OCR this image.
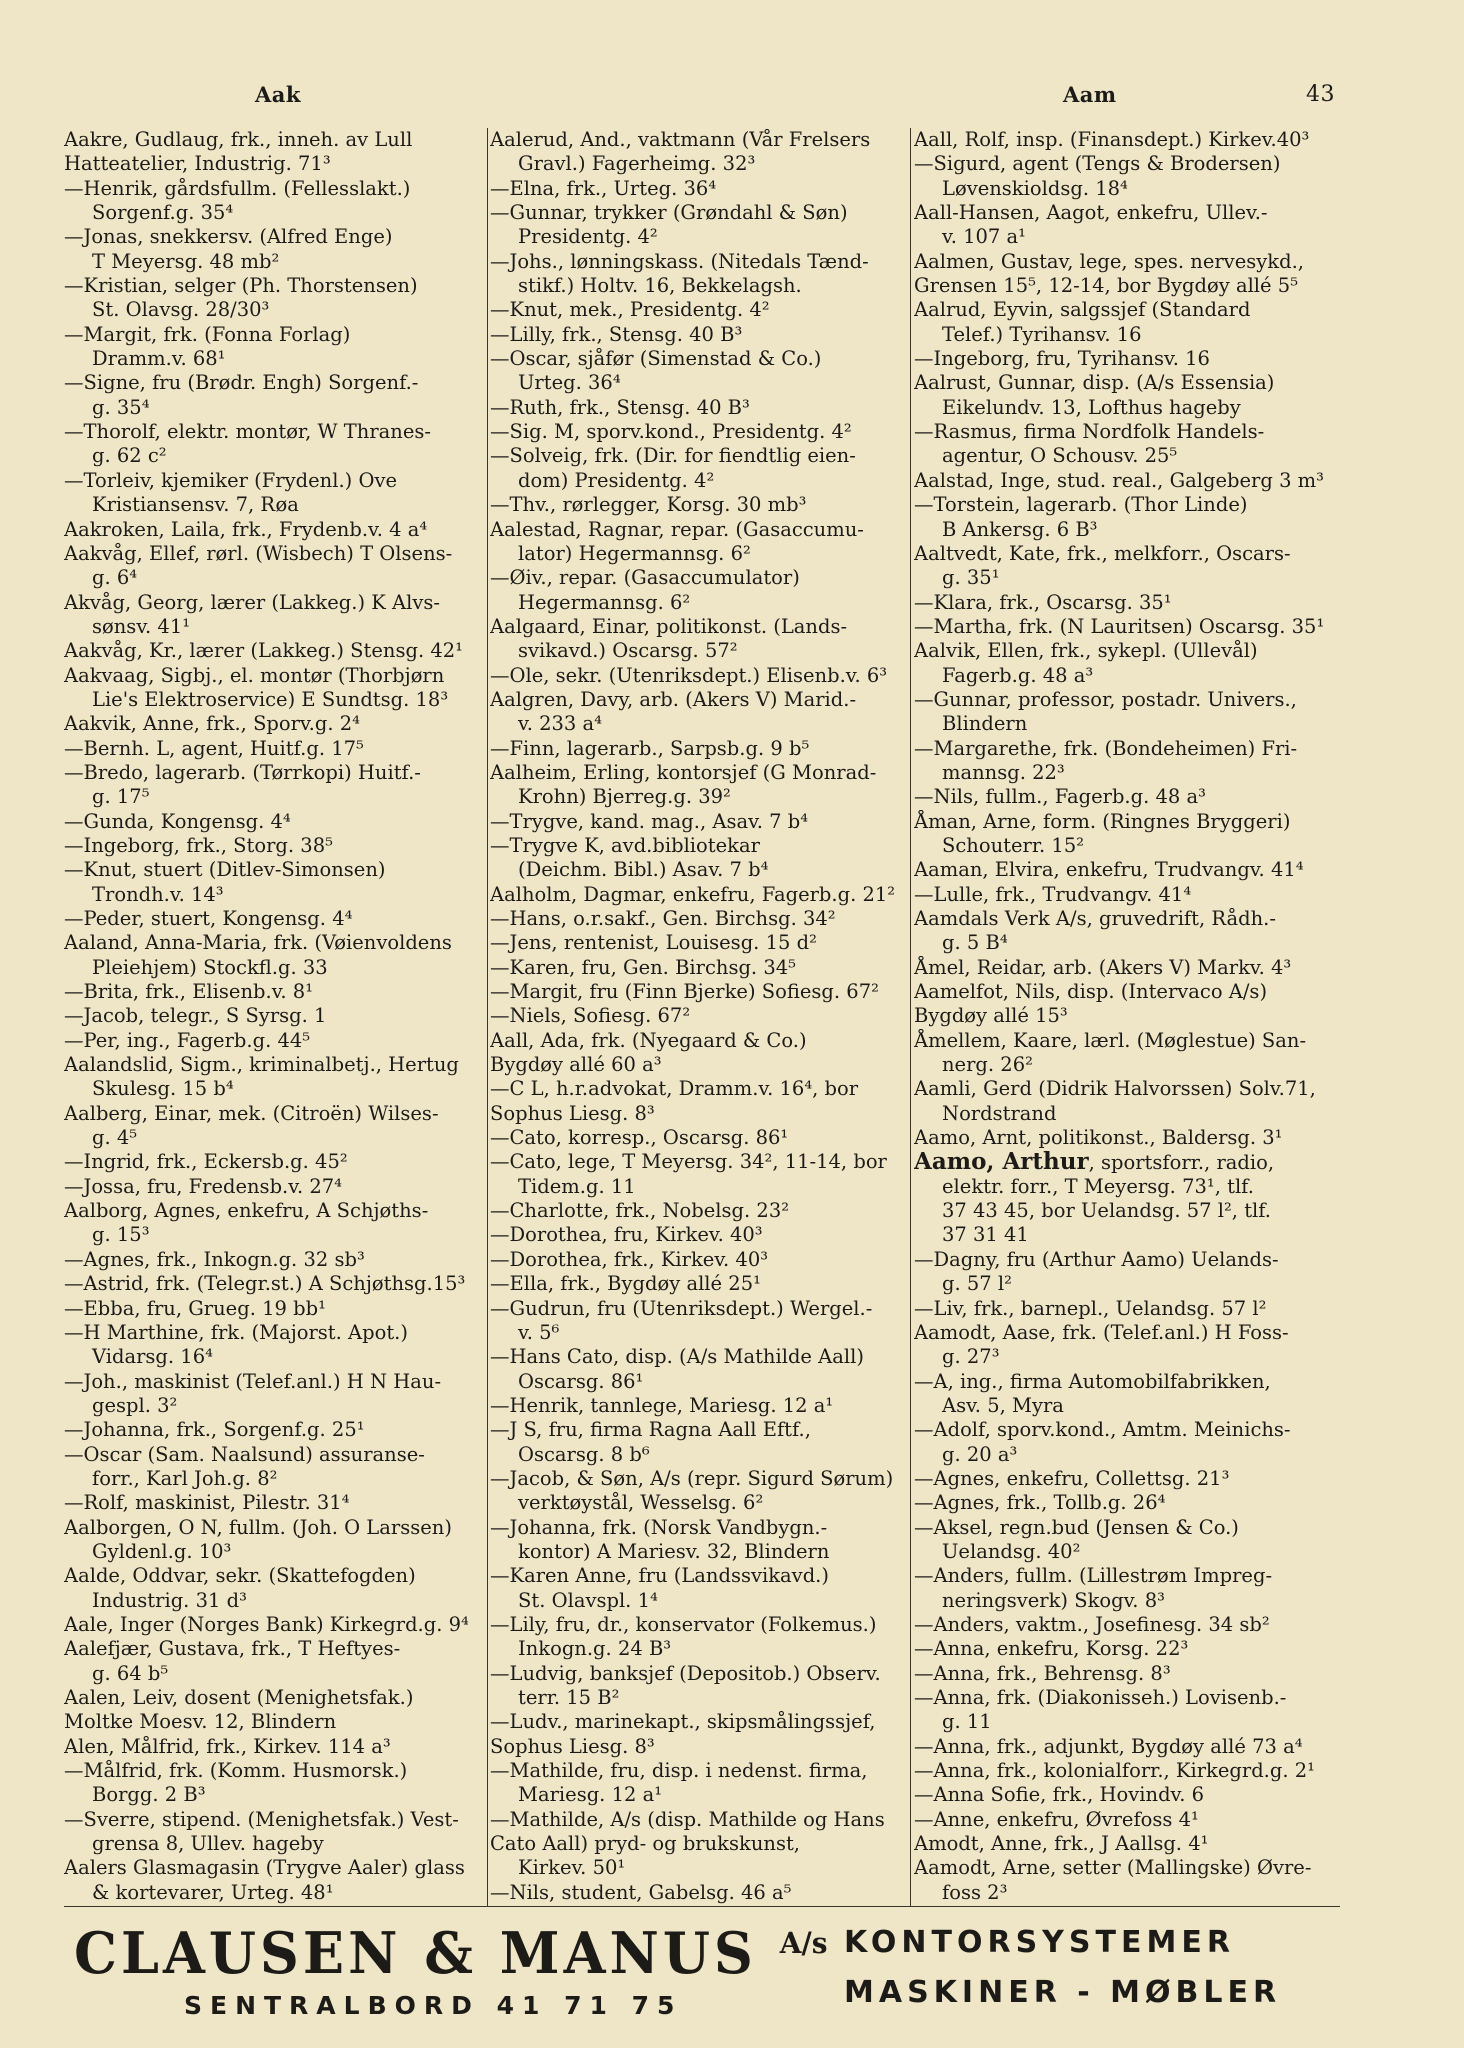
Aak	Aam	43
Aakre, Gudlaug, frk., inneh. av Lull
Hatteatelier, Industrig. 71³
—Henrik, gårdsfullm. (Fellesslakt.)
Sorgenf.g. 35⁴
—Jonas, snekkersv. (Alfred Enge)
T Meyersg. 48 mb²
—Kristian, selger (Ph. Thorstensen)
St. Olavsg. 28/30³
—Margit, frk. (Fonna Forlag)
Dramm.v. 68¹
—Signe, fru (Brødr. Engh) Sorgenf.-
g. 35⁴
—Thorolf, elektr. montør, W Thranes-
g. 62 c²
—Torleiv, kjemiker (Frydenl.) Ove
Kristiansensv. 7, Røa
Aakroken, Laila, frk., Frydenb.v. 4 a⁴
Aakvåg, Ellef, rørl. (Wisbech) T Olsens-
g. 6⁴
Akvåg, Georg, lærer (Lakkeg.) K Alvs-
sønsv. 41¹
Aakvåg, Kr., lærer (Lakkeg.) Stensg. 42¹
Aakvaag, Sigbj., el. montør (Thorbjørn
Lie's Elektroservice) E Sundtsg. 18³
Aakvik, Anne, frk., Sporv.g. 2⁴
—Bernh. L, agent, Huitf.g. 17⁵
—Bredo, lagerarb. (Tørrkopi) Huitf.-
g. 17⁵
—Gunda, Kongensg. 4⁴
—Ingeborg, frk., Storg. 38⁵
—Knut, stuert (Ditlev-Simonsen)
Trondh.v. 14³
—Peder, stuert, Kongensg. 4⁴
Aaland, Anna-Maria, frk. (Vøienvoldens
Pleiehjem) Stockfl.g. 33
—Brita, frk., Elisenb.v. 8¹
—Jacob, telegr., S Syrsg. 1
—Per, ing., Fagerb.g. 44⁵
Aalandslid, Sigm., kriminalbetj., Hertug
Skulesg. 15 b⁴
Aalberg, Einar, mek. (Citroën) Wilses-
g. 4⁵
—Ingrid, frk., Eckersb.g. 45²
—Jossa, fru, Fredensb.v. 27⁴
Aalborg, Agnes, enkefru, A Schjøths-
g. 15³
—Agnes, frk., Inkogn.g. 32 sb³
—Astrid, frk. (Telegr.st.) A Schjøthsg.15³
—Ebba, fru, Grueg. 19 bb¹
—H Marthine, frk. (Majorst. Apot.)
Vidarsg. 16⁴
—Joh., maskinist (Telef.anl.) H N Hau-
gespl. 3²
—Johanna, frk., Sorgenf.g. 25¹
—Oscar (Sam. Naalsund) assuranse-
forr., Karl Joh.g. 8²
—Rolf, maskinist, Pilestr. 31⁴
Aalborgen, O N, fullm. (Joh. O Larssen)
Gyldenl.g. 10³
Aalde, Oddvar, sekr. (Skattefogden)
Industrig. 31 d³
Aale, Inger (Norges Bank) Kirkegrd.g. 9⁴
Aalefjær, Gustava, frk., T Heftyes-
g. 64 b⁵
Aalen, Leiv, dosent (Menighetsfak.)
Moltke Moesv. 12, Blindern
Alen, Målfrid, frk., Kirkev. 114 a³
—Målfrid, frk. (Komm. Husmorsk.)
Borgg. 2 B³
—Sverre, stipend. (Menighetsfak.) Vest-
grensa 8, Ullev. hageby
Aalers Glasmagasin (Trygve Aaler) glass
& kortevarer, Urteg. 48¹
Aalerud, And., vaktmann (Vår Frelsers
Gravl.) Fagerheimg. 32³
—Elna, frk., Urteg. 36⁴
—Gunnar, trykker (Grøndahl & Søn)
Presidentg. 4²
—Johs., lønningskass. (Nitedals Tænd-
stikf.) Holtv. 16, Bekkelagsh.
—Knut, mek., Presidentg. 4²
—Lilly, frk., Stensg. 40 B³
—Oscar, sjåfør (Simenstad & Co.)
Urteg. 36⁴
—Ruth, frk., Stensg. 40 B³
—Sig. M, sporv.kond., Presidentg. 4²
—Solveig, frk. (Dir. for fiendtlig eien-
dom) Presidentg. 4²
—Thv., rørlegger, Korsg. 30 mb³
Aalestad, Ragnar, repar. (Gasaccumu-
lator) Hegermannsg. 6²
—Øiv., repar. (Gasaccumulator)
Hegermannsg. 6²
Aalgaard, Einar, politikonst. (Lands-
svikavd.) Oscarsg. 57²
—Ole, sekr. (Utenriksdept.) Elisenb.v. 6³
Aalgren, Davy, arb. (Akers V) Marid.-
v. 233 a⁴
—Finn, lagerarb., Sarpsb.g. 9 b⁵
Aalheim, Erling, kontorsjef (G Monrad-
Krohn) Bjerreg.g. 39²
—Trygve, kand. mag., Asav. 7 b⁴
—Trygve K, avd.bibliotekar
(Deichm. Bibl.) Asav. 7 b⁴
Aalholm, Dagmar, enkefru, Fagerb.g. 21²
—Hans, o.r.sakf., Gen. Birchsg. 34²
—Jens, rentenist, Louisesg. 15 d²
—Karen, fru, Gen. Birchsg. 34⁵
—Margit, fru (Finn Bjerke) Sofiesg. 67²
—Niels, Sofiesg. 67²
Aall, Ada, frk. (Nyegaard & Co.)
Bygdøy allé 60 a³
—C L, h.r.advokat, Dramm.v. 16⁴, bor
Sophus Liesg. 8³
—Cato, korresp., Oscarsg. 86¹
—Cato, lege, T Meyersg. 34², 11-14, bor
Tidem.g. 11
—Charlotte, frk., Nobelsg. 23²
—Dorothea, fru, Kirkev. 40³
—Dorothea, frk., Kirkev. 40³
—Ella, frk., Bygdøy allé 25¹
—Gudrun, fru (Utenriksdept.) Wergel.-
v. 5⁶
—Hans Cato, disp. (A/s Mathilde Aall)
Oscarsg. 86¹
—Henrik, tannlege, Mariesg. 12 a¹
—J S, fru, firma Ragna Aall Eftf.,
Oscarsg. 8 b⁶
—Jacob, & Søn, A/s (repr. Sigurd Sørum)
verktøystål, Wesselsg. 6²
—Johanna, frk. (Norsk Vandbygn.-
kontor) A Mariesv. 32, Blindern
—Karen Anne, fru (Landssvikavd.)
St. Olavspl. 1⁴
—Lily, fru, dr., konservator (Folkemus.)
Inkogn.g. 24 B³
—Ludvig, banksjef (Depositob.) Observ.
terr. 15 B²
—Ludv., marinekapt., skipsmålingssjef,
Sophus Liesg. 8³
—Mathilde, fru, disp. i nedenst. firma,
Mariesg. 12 a¹
—Mathilde, A/s (disp. Mathilde og Hans
Cato Aall) pryd- og brukskunst,
Kirkev. 50¹
—Nils, student, Gabelsg. 46 a⁵
Aall, Rolf, insp. (Finansdept.) Kirkev.40³
—Sigurd, agent (Tengs & Brodersen)
Løvenskioldsg. 18⁴
Aall-Hansen, Aagot, enkefru, Ullev.-
v. 107 a¹
Aalmen, Gustav, lege, spes. nervesykd.,
Grensen 15⁵, 12-14, bor Bygdøy allé 5⁵
Aalrud, Eyvin, salgssjef (Standard
Telef.) Tyrihansv. 16
—Ingeborg, fru, Tyrihansv. 16
Aalrust, Gunnar, disp. (A/s Essensia)
Eikelundv. 13, Lofthus hageby
—Rasmus, firma Nordfolk Handels-
agentur, O Schousv. 25⁵
Aalstad, Inge, stud. real., Galgeberg 3 m³
—Torstein, lagerarb. (Thor Linde)
B Ankersg. 6 B³
Aaltvedt, Kate, frk., melkforr., Oscars-
g. 35¹
—Klara, frk., Oscarsg. 35¹
—Martha, frk. (N Lauritsen) Oscarsg. 35¹
Aalvik, Ellen, frk., sykepl. (Ullevål)
Fagerb.g. 48 a³
—Gunnar, professor, postadr. Univers.,
Blindern
—Margarethe, frk. (Bondeheimen) Fri-
mannsg. 22³
—Nils, fullm., Fagerb.g. 48 a³
Åman, Arne, form. (Ringnes Bryggeri)
Schouterr. 15²
Aaman, Elvira, enkefru, Trudvangv. 41⁴
—Lulle, frk., Trudvangv. 41⁴
Aamdals Verk A/s, gruvedrift, Rådh.-
g. 5 B⁴
Åmel, Reidar, arb. (Akers V) Markv. 4³
Aamelfot, Nils, disp. (Intervaco A/s)
Bygdøy allé 15³
Åmellem, Kaare, lærl. (Møglestue) San-
nerg. 26²
Aamli, Gerd (Didrik Halvorssen) Solv.71,
Nordstrand
Aamo, Arnt, politikonst., Baldersg. 3¹
Aamo, Arthur, sportsforr., radio,
elektr. forr., T Meyersg. 73¹, tlf.
37 43 45, bor Uelandsg. 57 l², tlf.
37 31 41
—Dagny, fru (Arthur Aamo) Uelands-
g. 57 l²
—Liv, frk., barnepl., Uelandsg. 57 l²
Aamodt, Aase, frk. (Telef.anl.) H Foss-
g. 27³
—A, ing., firma Automobilfabrikken,
Asv. 5, Myra
—Adolf, sporv.kond., Amtm. Meinichs-
g. 20 a³
—Agnes, enkefru, Collettsg. 21³
—Agnes, frk., Tollb.g. 26⁴
—Aksel, regn.bud (Jensen & Co.)
Uelandsg. 40²
—Anders, fullm. (Lillestrøm Impreg-
neringsverk) Skogv. 8³
—Anders, vaktm., Josefinesg. 34 sb²
—Anna, enkefru, Korsg. 22³
—Anna, frk., Behrensg. 8³
—Anna, frk. (Diakonisseh.) Lovisenb.-
g. 11
—Anna, frk., adjunkt, Bygdøy allé 73 a⁴
—Anna, frk., kolonialforr., Kirkegrd.g. 2¹
—Anna Sofie, frk., Hovindv. 6
—Anne, enkefru, Øvrefoss 4¹
Amodt, Anne, frk., J Aallsg. 4¹
Aamodt, Arne, setter (Mallingske) Øvre-
foss 2³
CLAUSEN & MANUS $^{A/s}$
SENTRALBORD 41 71 75
KONTORSYSTEMER
MASKINER - MØBLER
